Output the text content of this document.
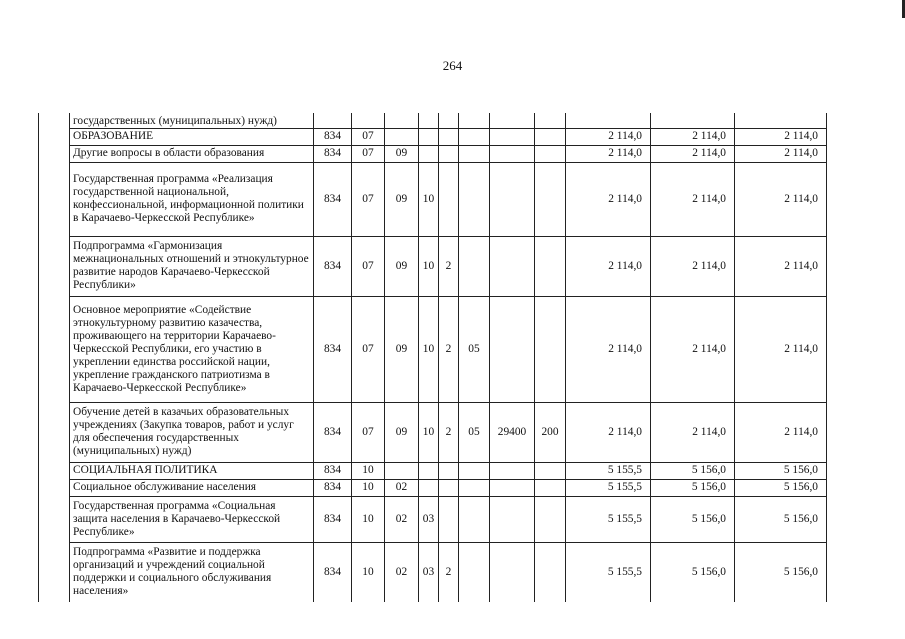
264
	государственных (муниципальных) нужд)											
	ОБРАЗОВАНИЕ	834	07							2 114,0	2 114,0	2 114,0
	Другие вопросы в области образования	834	07	09						2 114,0	2 114,0	2 114,0
	Государственная программа «Реализация государственной национальной, конфессиональной, информационной политики в Карачаево-Черкесской Республике»	834	07	09	10					2 114,0	2 114,0	2 114,0
	Подпрограмма «Гармонизация межнациональных отношений и этнокультурное развитие народов Карачаево-Черкесской Республики»	834	07	09	10	2				2 114,0	2 114,0	2 114,0
	Основное мероприятие «Содействие этнокультурному развитию казачества, проживающего на территории Карачаево-Черкесской Республики, его участию в укреплении единства российской нации, укрепление гражданского патриотизма в Карачаево-Черкесской Республике»	834	07	09	10	2	05			2 114,0	2 114,0	2 114,0
	Обучение детей в казачьих образовательных учреждениях (Закупка товаров, работ и услуг для обеспечения государственных (муниципальных) нужд)	834	07	09	10	2	05	29400	200	2 114,0	2 114,0	2 114,0
	СОЦИАЛЬНАЯ ПОЛИТИКА	834	10							5 155,5	5 156,0	5 156,0
	Социальное обслуживание населения	834	10	02						5 155,5	5 156,0	5 156,0
	Государственная программа «Социальная защита населения в Карачаево-Черкесской Республике»	834	10	02	03					5 155,5	5 156,0	5 156,0
	Подпрограмма «Развитие и поддержка организаций и учреждений социальной поддержки и социального обслуживания населения»	834	10	02	03	2				5 155,5	5 156,0	5 156,0
